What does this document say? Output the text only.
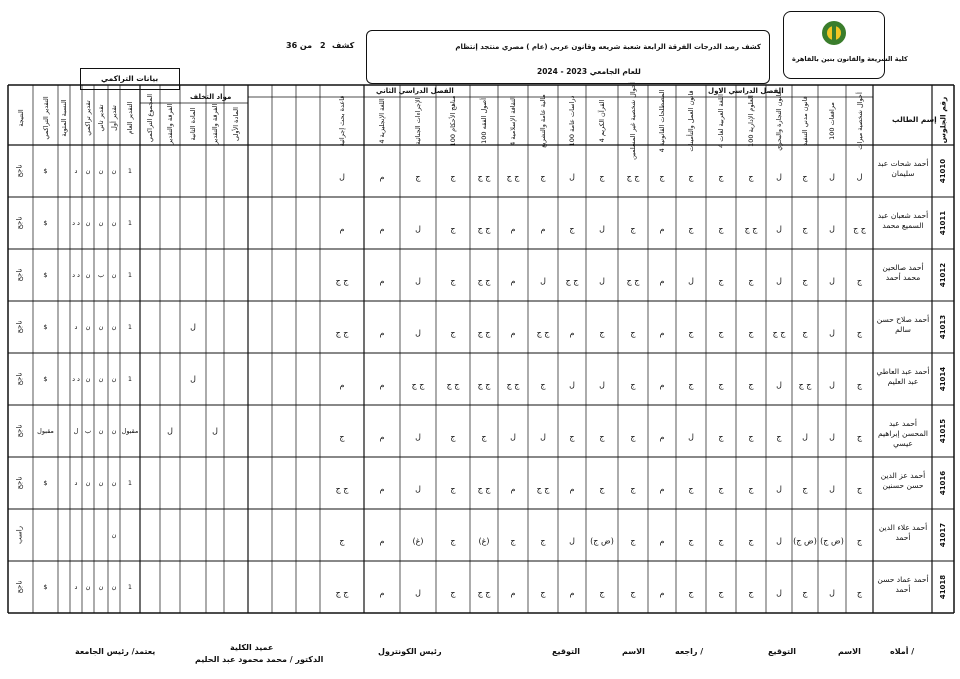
كلية الشريعة والقانون بنين بالقاهرة
كشف رصد الدرجات الفرقة الرابعة شعبة شريعه وقانون عربي (عام ) مصري منتجد إنتظام
للعام الجامعي 2023 - 2024
كشف
2
من 36
بيانات التراكمي
الفصل الدراسي الاول
الفصل الدراسي الثاني
مواد التخلف
إسم الطالب رقم الجلوس
أحوال شخصية ميراث
مرافعات 100
قانون مدني التنفيذ
قانون التجارة والبحري
العلوم الإدارية 100
اللغة العربية لغات 4
قانون العمل والتأمينات
المصطلحات القانونية 4
أحوال شخصية غير المسلمين
القرآن الكريم 4
دراسات عامة 100
مالية عامة والتشريع
الثقافة الإسلامية 4
أصول الفقه 100
مناهج الأحكام 100
الإجراءات الجنائية
اللغة الإنجليزية 4
قاعدة بحث إجرائية
المادة الأولى
الفرقة والتقدير
المادة الثانية
الفرقة والتقدير
المجموع التراكمي
التقدير العام
تقدير أول
تقدير ثاني
تقدير تراكمي
النسبة المئوية
التقدير التراكمي
النتيجة
41010
أحمد شحات عبد سليمان
ل
ل
ج
ل
ج
ج
ج
ج
ج ج
ج
ل
ج
ج ج
ج ج
ج
ج
م
ل
1
ن
ن
ن
د
$
ناجح
41011
أحمد شعبان عبد السميع محمد
ج ج
ل
ج
ل
ج ج
ج
ج
م
ج
ل
ج
م
م
ج ج
ج
ل
م
م
1
ن
ن
ن
د د
$
ناجح
41012
أحمد صالحين محمد أحمد
ج
ل
ج
ل
ج
ج
ل
م
ج ج
ل
ج ج
ل
م
ج ج
ج
ل
م
ج ج
1
ن
ب
ن
د د
$
ناجح
41013
أحمد صلاح حسن سالم
ج
ل
ج
ج ج
ج
ج
ج
م
ج
ج
م
ج ج
م
ج ج
ج
ل
م
ج ج
ل
1
ن
ن
ن
د
$
ناجح
41014
أحمد عبد العاطي عبد العليم
ج
ل
ج ج
ل
ج
ج
ج
م
ج
ل
ل
ج
ج ج
ج ج
ج ج
ج ج
م
م
ل
1
ن
ن
ن
د د
$
ناجح
41015
أحمد عبد المحسن إبراهيم عيسي
ج
ل
ل
ج
ج
ج
ل
م
ج
ج
ج
ل
ل
ج
ج
ل
م
ج
ل
ل
مقبول
ن
ن
ب
ل
مقبول
ناجح
41016
أحمد عز الدين حسن حسنين
ج
ل
ج
ل
ج
ج
ج
م
ج
ج
م
ج ج
م
ج ج
ج
ل
م
ج ج
1
ن
ن
ن
د
$
ناجح
41017
أحمد علاء الدين أحمد
ج
(ض ج)
(ض ج)
ل
ج
ج
ج
م
ج
(ض ج)
ل
ج
ج
(غ)
ج
(غ)
م
ج
ن
راسب
41018
أحمد عماد حسن أحمد
ج
ل
ج
ل
ج
ج
ج
م
ج
ج
م
ج
م
ج ج
ج
ل
م
ج ج
1
ن
ن
ن
د
$
ناجح
أملاه /
الاسم
التوقيع
راجعه /
الاسم
التوقيع
رئيس الكونترول
عميد الكلية
الدكتور / محمد محمود عبد الحليم
يعتمد/ رئيس الجامعة
